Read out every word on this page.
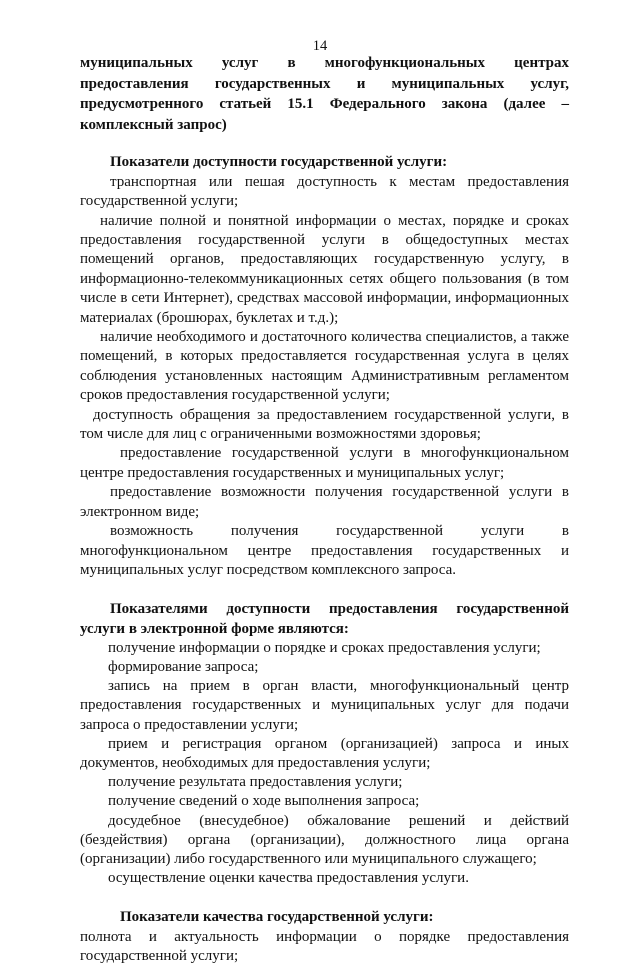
14

муниципальных услуг в многофункциональных центрах предоставления государственных и муниципальных услуг, предусмотренного статьей 15.1 Федерального закона (далее – комплексный запрос)

Показатели доступности государственной услуги:

транспортная или пешая доступность к местам предоставления государственной услуги;

наличие полной и понятной информации о местах, порядке и сроках предоставления государственной услуги в общедоступных местах помещений органов, предоставляющих государственную услугу, в информационно-телекоммуникационных сетях общего пользования (в том числе в сети Интернет), средствах массовой информации, информационных материалах (брошюрах, буклетах и т.д.);

наличие необходимого и достаточного количества специалистов, а также помещений, в которых предоставляется государственная услуга в целях соблюдения установленных настоящим Административным регламентом сроков предоставления государственной услуги;

доступность обращения за предоставлением государственной услуги, в том числе для лиц с ограниченными возможностями здоровья;

предоставление государственной услуги в многофункциональном центре предоставления государственных и муниципальных услуг;

предоставление возможности получения государственной услуги в электронном виде;

возможность получения государственной услуги в многофункциональном центре предоставления государственных и муниципальных услуг посредством комплексного запроса.

Показателями доступности предоставления государственной услуги в электронной форме являются:

получение информации о порядке и сроках предоставления услуги;

формирование запроса;

запись на прием в орган власти, многофункциональный центр предоставления государственных и муниципальных услуг для подачи запроса о предоставлении услуги;

прием и регистрация органом (организацией) запроса и иных документов, необходимых для предоставления услуги;

получение результата предоставления услуги;

получение сведений о ходе выполнения запроса;

досудебное (внесудебное) обжалование решений и действий (бездействия) органа (организации), должностного лица органа (организации) либо государственного или муниципального служащего;

осуществление оценки качества предоставления услуги.

Показатели качества государственной услуги:

полнота и актуальность информации о порядке предоставления государственной услуги;
